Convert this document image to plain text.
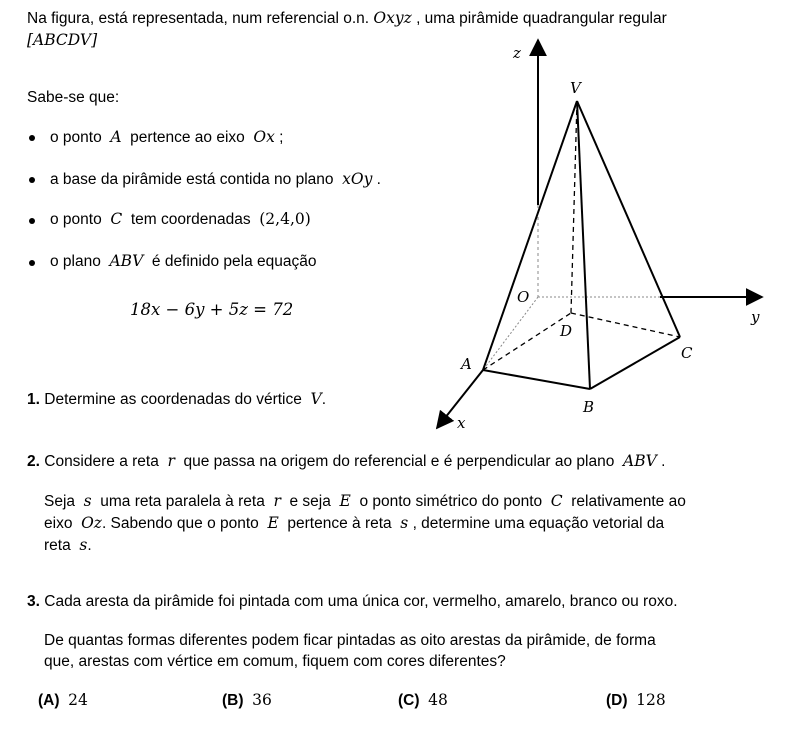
Na figura, está representada, num referencial o.n. Oxyz , uma pirâmide quadrangular regular
[ABCDV]
Sabe-se que:
o ponto A pertence ao eixo Ox ;
a base da pirâmide está contida no plano xOy .
o ponto C tem coordenadas (2,4,0)
o plano ABV é definido pela equação
18x − 6y + 5z = 72
1. Determine as coordenadas do vértice V.
z
y
x
O
V
A
B
C
D
2. Considere a reta r que passa na origem do referencial e é perpendicular ao plano ABV .
Seja s uma reta paralela à reta r e seja E o ponto simétrico do ponto C relativamente ao
eixo Oz. Sabendo que o ponto E pertence à reta s , determine uma equação vetorial da
reta s.
3. Cada aresta da pirâmide foi pintada com uma única cor, vermelho, amarelo, branco ou roxo.
De quantas formas diferentes podem ficar pintadas as oito arestas da pirâmide, de forma
que, arestas com vértice em comum, fiquem com cores diferentes?
(A) 24	(B) 36	(C) 48	(D) 128
